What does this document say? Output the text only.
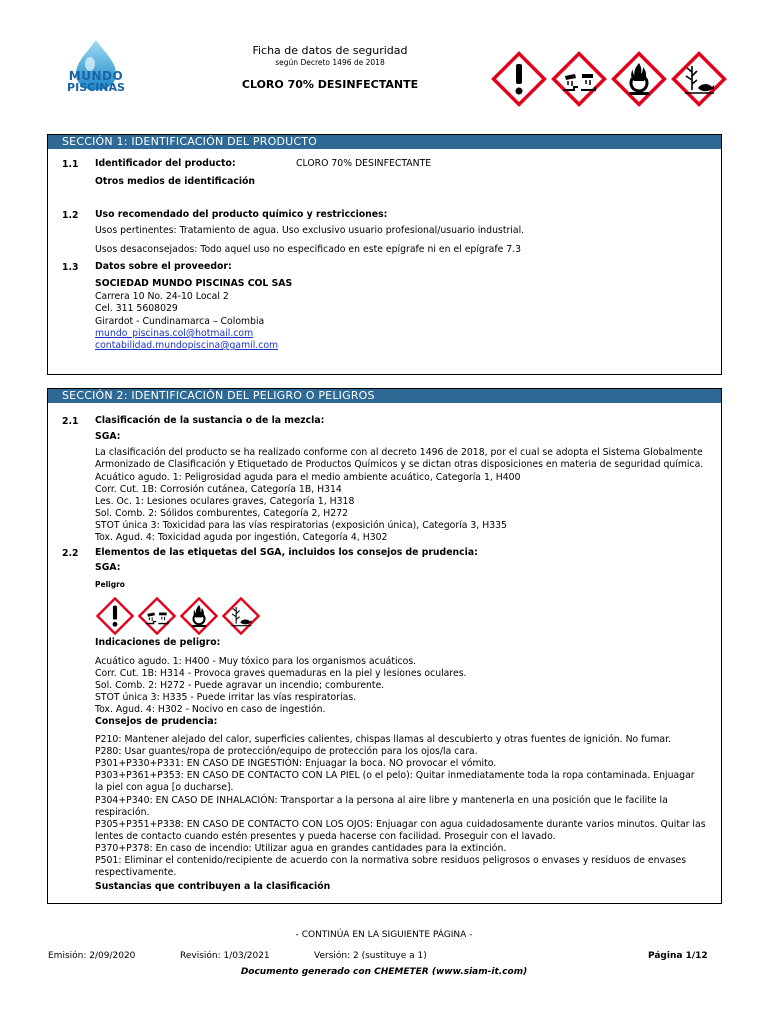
MUNDO
PISCINAS
Ficha de datos de seguridad
según Decreto 1496 de 2018
CLORO 70% DESINFECTANTE
SECCIÓN 1: IDENTIFICACIÓN DEL PRODUCTO
1.1 Identificador del producto:	CLORO 70% DESINFECTANTE
Otros medios de identificación
1.2 Uso recomendado del producto químico y restricciones:
Usos pertinentes: Tratamiento de agua. Uso exclusivo usuario profesional/usuario industrial.
Usos desaconsejados: Todo aquel uso no especificado en este epígrafe ni en el epígrafe 7.3
1.3 Datos sobre el proveedor:
SOCIEDAD MUNDO PISCINAS COL SAS
Carrera 10 No. 24-10 Local 2
Cel. 311 5608029
Girardot - Cundinamarca – Colombia
mundo_piscinas.col@hotmail.com
contabilidad.mundopiscina@gamil.com
SECCIÓN 2: IDENTIFICACIÓN DEL PELIGRO O PELIGROS
2.1 Clasificación de la sustancia o de la mezcla:
SGA:
La clasificación del producto se ha realizado conforme con al decreto 1496 de 2018, por el cual se adopta el Sistema Globalmente Armonizado de Clasificación y Etiquetado de Productos Químicos y se dictan otras disposiciones en materia de seguridad química.
Acuático agudo. 1: Peligrosidad aguda para el medio ambiente acuático, Categoría 1, H400
Corr. Cut. 1B: Corrosión cutánea, Categoría 1B, H314
Les. Oc. 1: Lesiones oculares graves, Categoría 1, H318
Sol. Comb. 2: Sólidos comburentes, Categoría 2, H272
STOT única 3: Toxicidad para las vías respiratorias (exposición única), Categoría 3, H335
Tox. Agud. 4: Toxicidad aguda por ingestión, Categoría 4, H302
2.2 Elementos de las etiquetas del SGA, incluidos los consejos de prudencia:
SGA:
Peligro
Indicaciones de peligro:
Acuático agudo. 1: H400 - Muy tóxico para los organismos acuáticos.
Corr. Cut. 1B: H314 - Provoca graves quemaduras en la piel y lesiones oculares.
Sol. Comb. 2: H272 - Puede agravar un incendio; comburente.
STOT única 3: H335 - Puede irritar las vías respiratorias.
Tox. Agud. 4: H302 - Nocivo en caso de ingestión.
Consejos de prudencia:
P210: Mantener alejado del calor, superficies calientes, chispas llamas al descubierto y otras fuentes de ignición. No fumar.
P280: Usar guantes/ropa de protección/equipo de protección para los ojos/la cara.
P301+P330+P331: EN CASO DE INGESTIÓN: Enjuagar la boca. NO provocar el vómito.
P303+P361+P353: EN CASO DE CONTACTO CON LA PIEL (o el pelo): Quitar inmediatamente toda la ropa contaminada. Enjuagar la piel con agua [o ducharse].
P304+P340: EN CASO DE INHALACIÓN: Transportar a la persona al aire libre y mantenerla en una posición que le facilite la respiración.
P305+P351+P338: EN CASO DE CONTACTO CON LOS OJOS: Enjuagar con agua cuidadosamente durante varios minutos. Quitar las lentes de contacto cuando estén presentes y pueda hacerse con facilidad. Proseguir con el lavado.
P370+P378: En caso de incendio: Utilizar agua en grandes cantidades para la extinción.
P501: Eliminar el contenido/recipiente de acuerdo con la normativa sobre residuos peligrosos o envases y residuos de envases respectivamente.
Sustancias que contribuyen a la clasificación
- CONTINÚA EN LA SIGUIENTE PÁGINA -
Emisión: 2/09/2020	Revisión: 1/03/2021	Versión: 2 (sustituye a 1)	Página 1/12
Documento generado con CHEMETER (www.siam-it.com)
